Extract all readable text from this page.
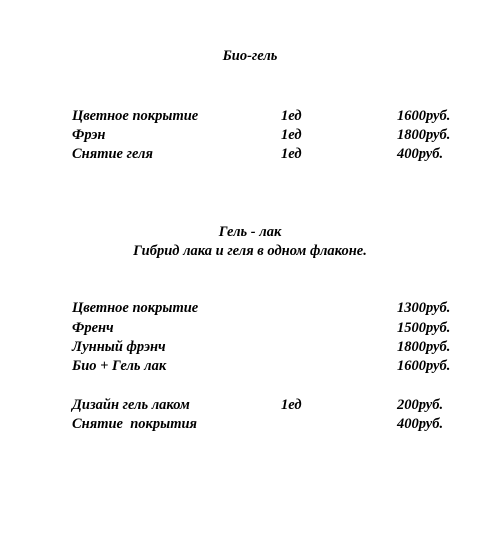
Био-гель
Цветное покрытие	1ед	1600руб.
Фрэн	1ед	1800руб.
Снятие геля	1ед	400руб.
Гель - лак
Гибрид лака и геля в одном флаконе.
Цветное покрытие	1300руб.
Френч	1500руб.
Лунный фрэнч	1800руб.
Био + Гель лак	1600руб.
Дизайн гель лаком	1ед	200руб.
Снятие  покрытия	400руб.
